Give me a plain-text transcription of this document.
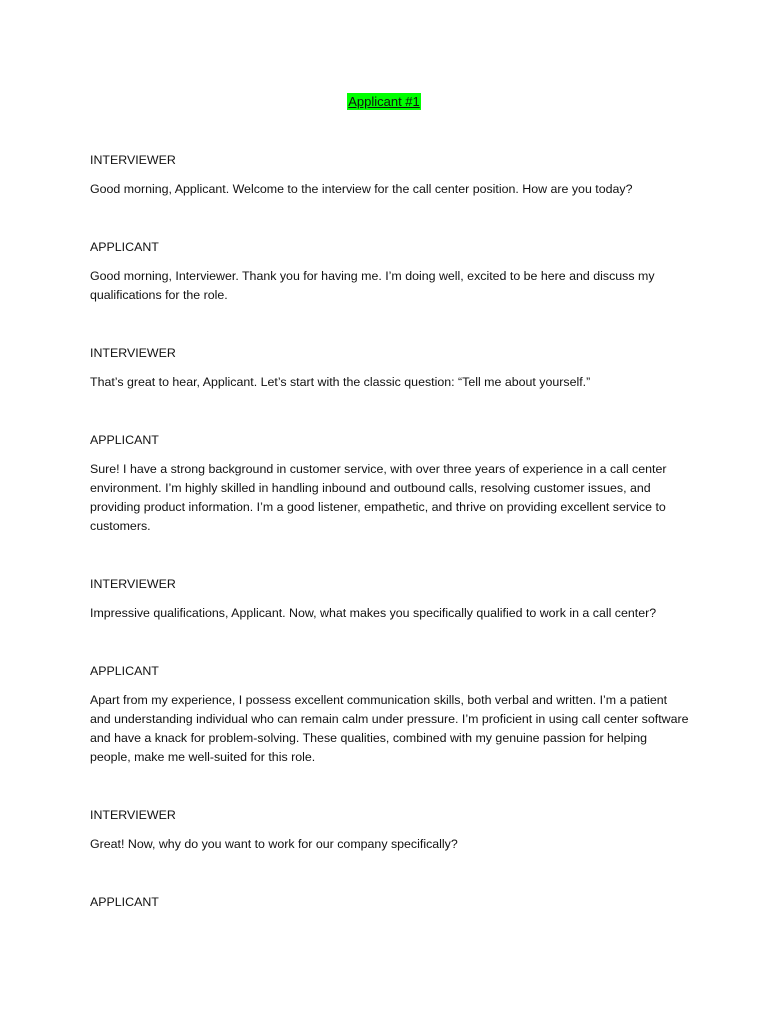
Applicant #1

INTERVIEWER

Good morning, Applicant. Welcome to the interview for the call center position. How are you today?

APPLICANT

Good morning, Interviewer. Thank you for having me. I’m doing well, excited to be here and discuss my qualifications for the role.

INTERVIEWER

That’s great to hear, Applicant. Let’s start with the classic question: “Tell me about yourself.”

APPLICANT

Sure! I have a strong background in customer service, with over three years of experience in a call center environment. I’m highly skilled in handling inbound and outbound calls, resolving customer issues, and providing product information. I’m a good listener, empathetic, and thrive on providing excellent service to customers.

INTERVIEWER

Impressive qualifications, Applicant. Now, what makes you specifically qualified to work in a call center?

APPLICANT

Apart from my experience, I possess excellent communication skills, both verbal and written. I’m a patient and understanding individual who can remain calm under pressure. I’m proficient in using call center software and have a knack for problem-solving. These qualities, combined with my genuine passion for helping people, make me well-suited for this role.

INTERVIEWER

Great! Now, why do you want to work for our company specifically?

APPLICANT
